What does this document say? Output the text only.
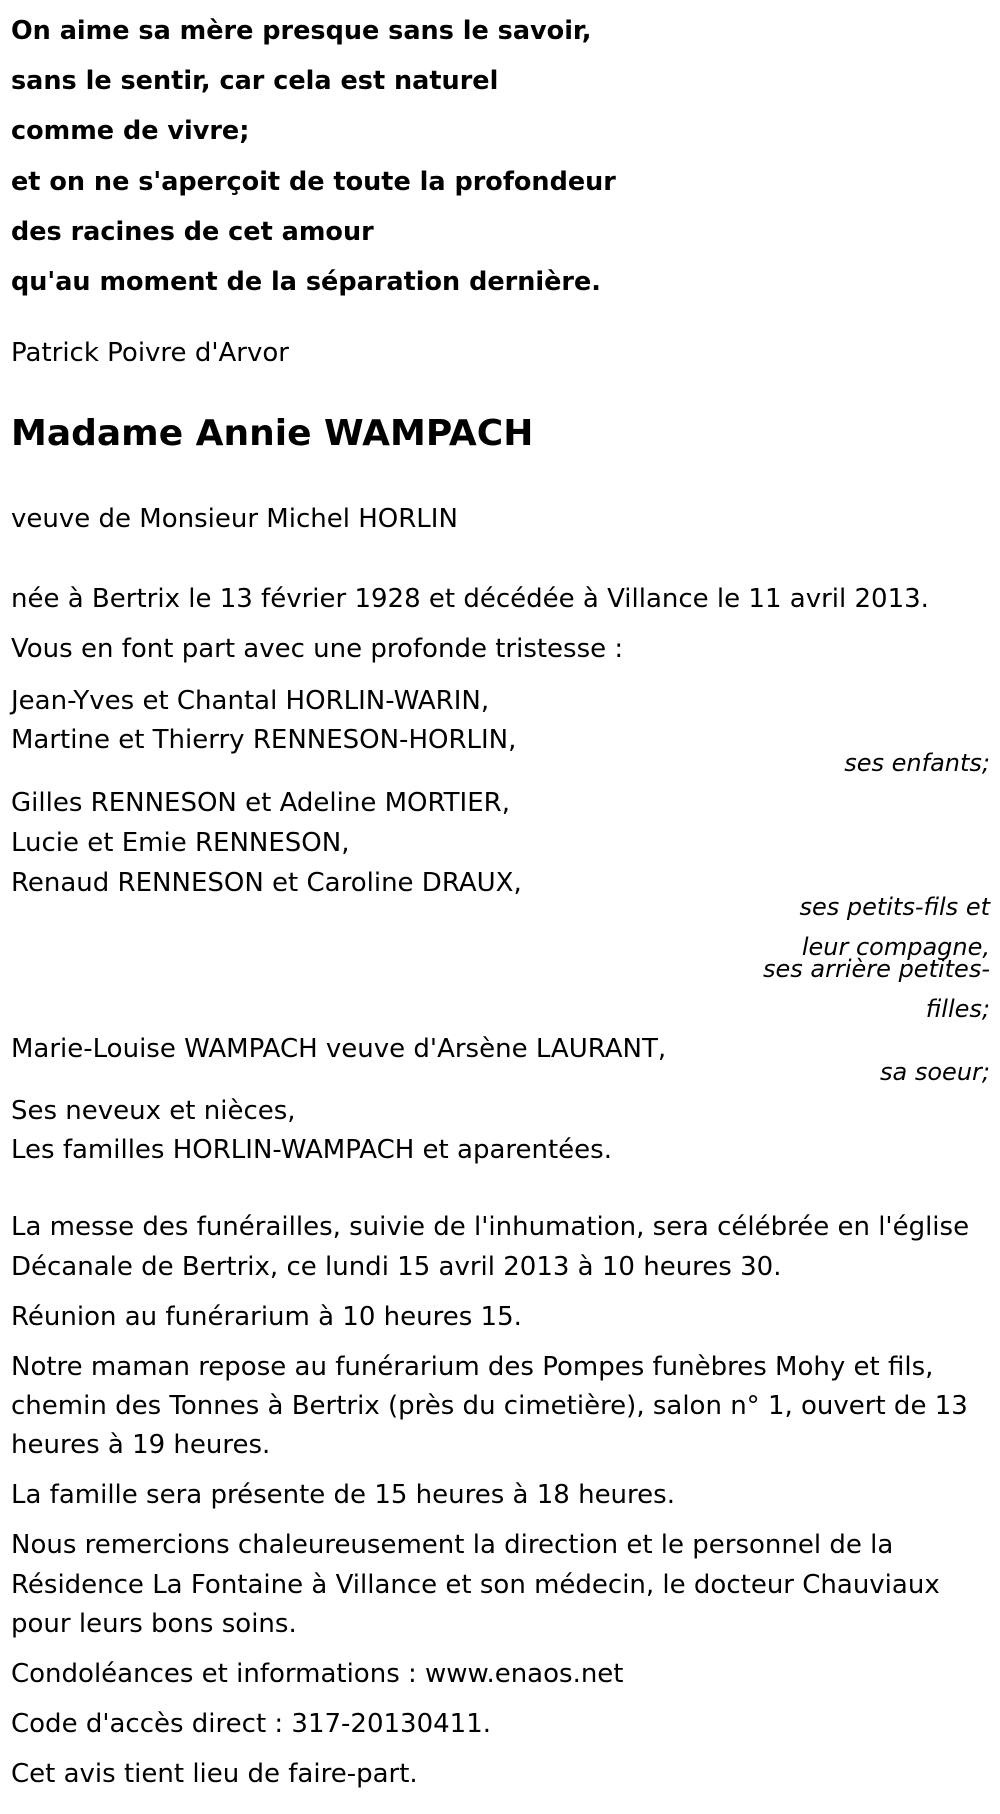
On aime sa mère presque sans le savoir,
sans le sentir, car cela est naturel
comme de vivre;
et on ne s'aperçoit de toute la profondeur
des racines de cet amour
qu'au moment de la séparation dernière.
Patrick Poivre d'Arvor
Madame Annie WAMPACH
veuve de Monsieur Michel HORLIN
née à Bertrix le 13 février 1928 et décédée à Villance le 11 avril 2013.
Vous en font part avec une profonde tristesse :
Jean-Yves et Chantal HORLIN-WARIN,
Martine et Thierry RENNESON-HORLIN,
ses enfants;
Gilles RENNESON et Adeline MORTIER,
Lucie et Emie RENNESON,
Renaud RENNESON et Caroline DRAUX,
ses petits-fils et
leur compagne,
ses arrière petites-
filles;
Marie-Louise WAMPACH veuve d'Arsène LAURANT,
sa soeur;
Ses neveux et nièces,
Les familles HORLIN-WAMPACH et aparentées.
La messe des funérailles, suivie de l'inhumation, sera célébrée en l'église
Décanale de Bertrix, ce lundi 15 avril 2013 à 10 heures 30.
Réunion au funérarium à 10 heures 15.
Notre maman repose au funérarium des Pompes funèbres Mohy et fils,
chemin des Tonnes à Bertrix (près du cimetière), salon n° 1, ouvert de 13
heures à 19 heures.
La famille sera présente de 15 heures à 18 heures.
Nous remercions chaleureusement la direction et le personnel de la
Résidence La Fontaine à Villance et son médecin, le docteur Chauviaux
pour leurs bons soins.
Condoléances et informations : www.enaos.net
Code d'accès direct : 317-20130411.
Cet avis tient lieu de faire-part.
